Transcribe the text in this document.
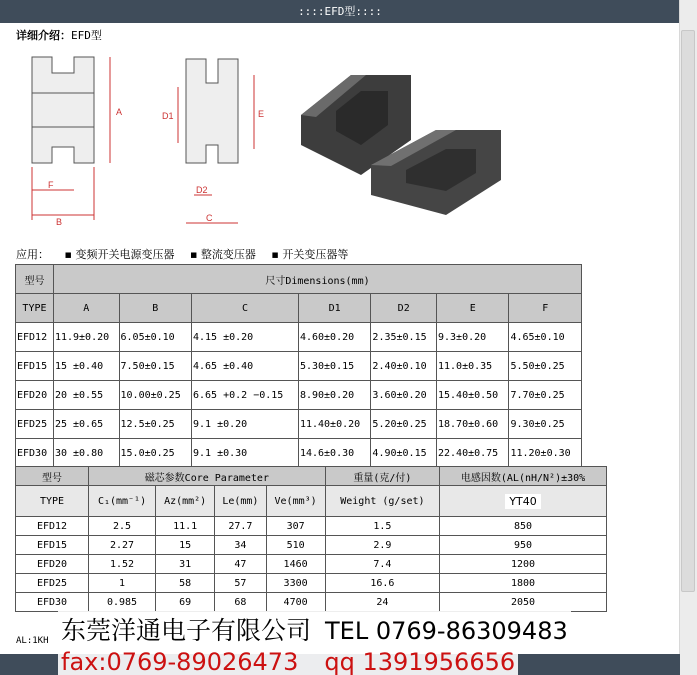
::::EFD型::::
详细介绍：EFD型
A
F
B
D1
D2
C
E
应用： ▪ 变频开关电源变压器 ▪ 整流变压器 ▪ 开关变压器等
型号	尺寸Dimensions(mm)						
TYPE	A	B	C	D1	D2	E	F
EFD12	11.9±0.20	6.05±0.10	4.15 ±0.20	4.60±0.20	2.35±0.15	9.3±0.20	4.65±0.10
EFD15	15 ±0.40	7.50±0.15	4.65 ±0.40	5.30±0.15	2.40±0.10	11.0±0.35	5.50±0.25
EFD20	20 ±0.55	10.00±0.25	6.65 +0.2 −0.15	8.90±0.20	3.60±0.20	15.40±0.50	7.70±0.25
EFD25	25 ±0.65	12.5±0.25	9.1 ±0.20	11.40±0.20	5.20±0.25	18.70±0.60	9.30±0.25
EFD30	30 ±0.80	15.0±0.25	9.1 ±0.30	14.6±0.30	4.90±0.15	22.40±0.75	11.20±0.30
型号	磁芯参数Core Parameter				重量(克/付)	电感因数(AL(nH/N²)±30%
TYPE	C₁(mm⁻¹)	Az(mm²)	Le(mm)	Ve(mm³)	Weight (g/set)	YT40
EFD12	2.5	11.1	27.7	307	1.5	850
EFD15	2.27	15	34	510	2.9	950
EFD20	1.52	31	47	1460	7.4	1200
EFD25	1	58	57	3300	16.6	1800
EFD30	0.985	69	68	4700	24	2050
AL:1KH 东莞洋通电子有限公司 TEL 0769-86309483
fax:0769-89026473 qq 1391956656
